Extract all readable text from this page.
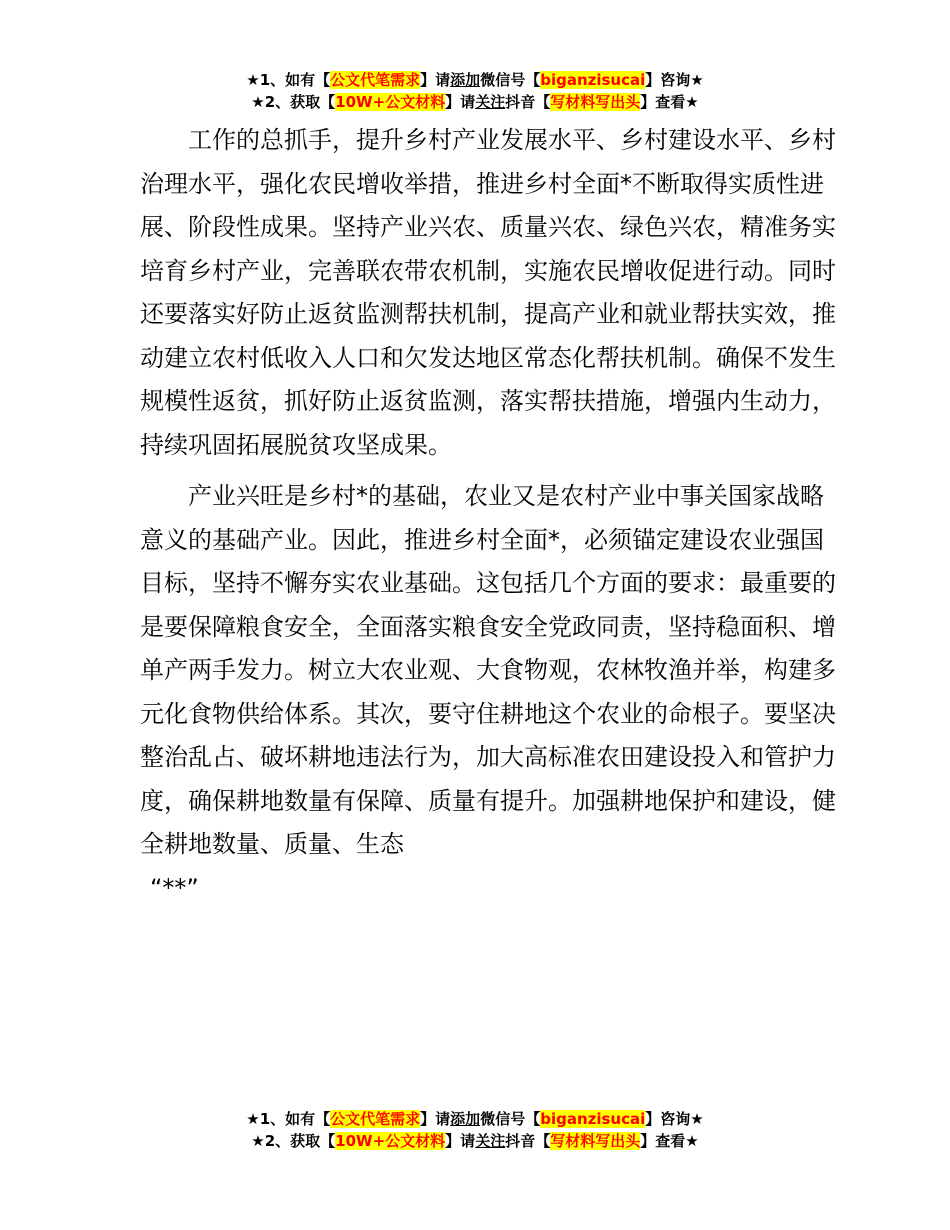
★1、如有【公文代笔需求】请添加微信号【biganzisucai】咨询★
★2、获取【10W+公文材料】请关注抖音【写材料写出头】查看★

工作的总抓手，提升乡村产业发展水平、乡村建设水平、乡村治理水平，强化农民增收举措，推进乡村全面*不断取得实质性进展、阶段性成果。坚持产业兴农、质量兴农、绿色兴农，精准务实培育乡村产业，完善联农带农机制，实施农民增收促进行动。同时还要落实好防止返贫监测帮扶机制，提高产业和就业帮扶实效，推动建立农村低收入人口和欠发达地区常态化帮扶机制。确保不发生规模性返贫，抓好防止返贫监测，落实帮扶措施，增强内生动力，持续巩固拓展脱贫攻坚成果。

产业兴旺是乡村*的基础，农业又是农村产业中事关国家战略意义的基础产业。因此，推进乡村全面*，必须锚定建设农业强国目标，坚持不懈夯实农业基础。这包括几个方面的要求：最重要的是要保障粮食安全，全面落实粮食安全党政同责，坚持稳面积、增单产两手发力。树立大农业观、大食物观，农林牧渔并举，构建多元化食物供给体系。其次，要守住耕地这个农业的命根子。要坚决整治乱占、破坏耕地违法行为，加大高标准农田建设投入和管护力度，确保耕地数量有保障、质量有提升。加强耕地保护和建设，健全耕地数量、质量、生态

“**”

★1、如有【公文代笔需求】请添加微信号【biganzisucai】咨询★
★2、获取【10W+公文材料】请关注抖音【写材料写出头】查看★
